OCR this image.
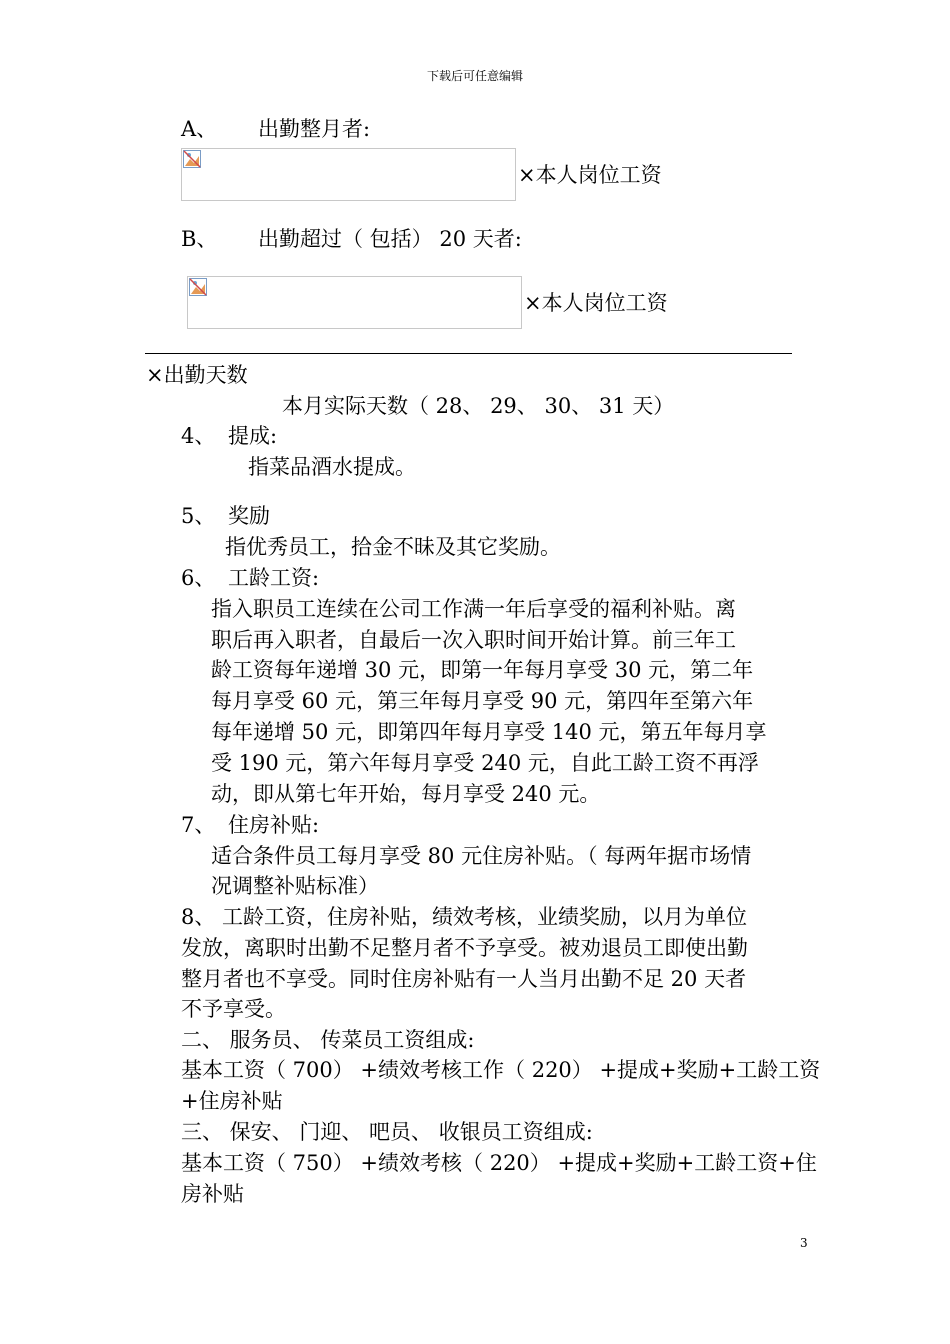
下载后可任意编辑
A、 出勤整月者:
×本人岗位工资
B、 出勤超过（ 包括） 20 天者:
×本人岗位工资
×出勤天数
本月实际天数（ 28、 29、 30、 31 天）
4、 提成:
指菜品酒水提成。
5、 奖励
指优秀员工，拾金不昧及其它奖励。
6、 工龄工资:
指入职员工连续在公司工作满一年后享受的福利补贴。离
职后再入职者，自最后一次入职时间开始计算。前三年工
龄工资每年递增 30 元，即第一年每月享受 30 元，第二年
每月享受 60 元，第三年每月享受 90 元，第四年至第六年
每年递增 50 元，即第四年每月享受 140 元，第五年每月享
受 190 元，第六年每月享受 240 元，自此工龄工资不再浮
动，即从第七年开始，每月享受 240 元。
7、 住房补贴:
适合条件员工每月享受 80 元住房补贴。（ 每两年据市场情
况调整补贴标准）
8、 工龄工资，住房补贴，绩效考核，业绩奖励，以月为单位
发放，离职时出勤不足整月者不予享受。被劝退员工即使出勤
整月者也不享受。同时住房补贴有一人当月出勤不足 20 天者
不予享受。
二、 服务员、 传菜员工资组成:
基本工资（ 700） +绩效考核工作（ 220） +提成+奖励+工龄工资
+住房补贴
三、 保安、 门迎、 吧员、 收银员工资组成:
基本工资（ 750） +绩效考核（ 220） +提成+奖励+工龄工资+住
房补贴
3
